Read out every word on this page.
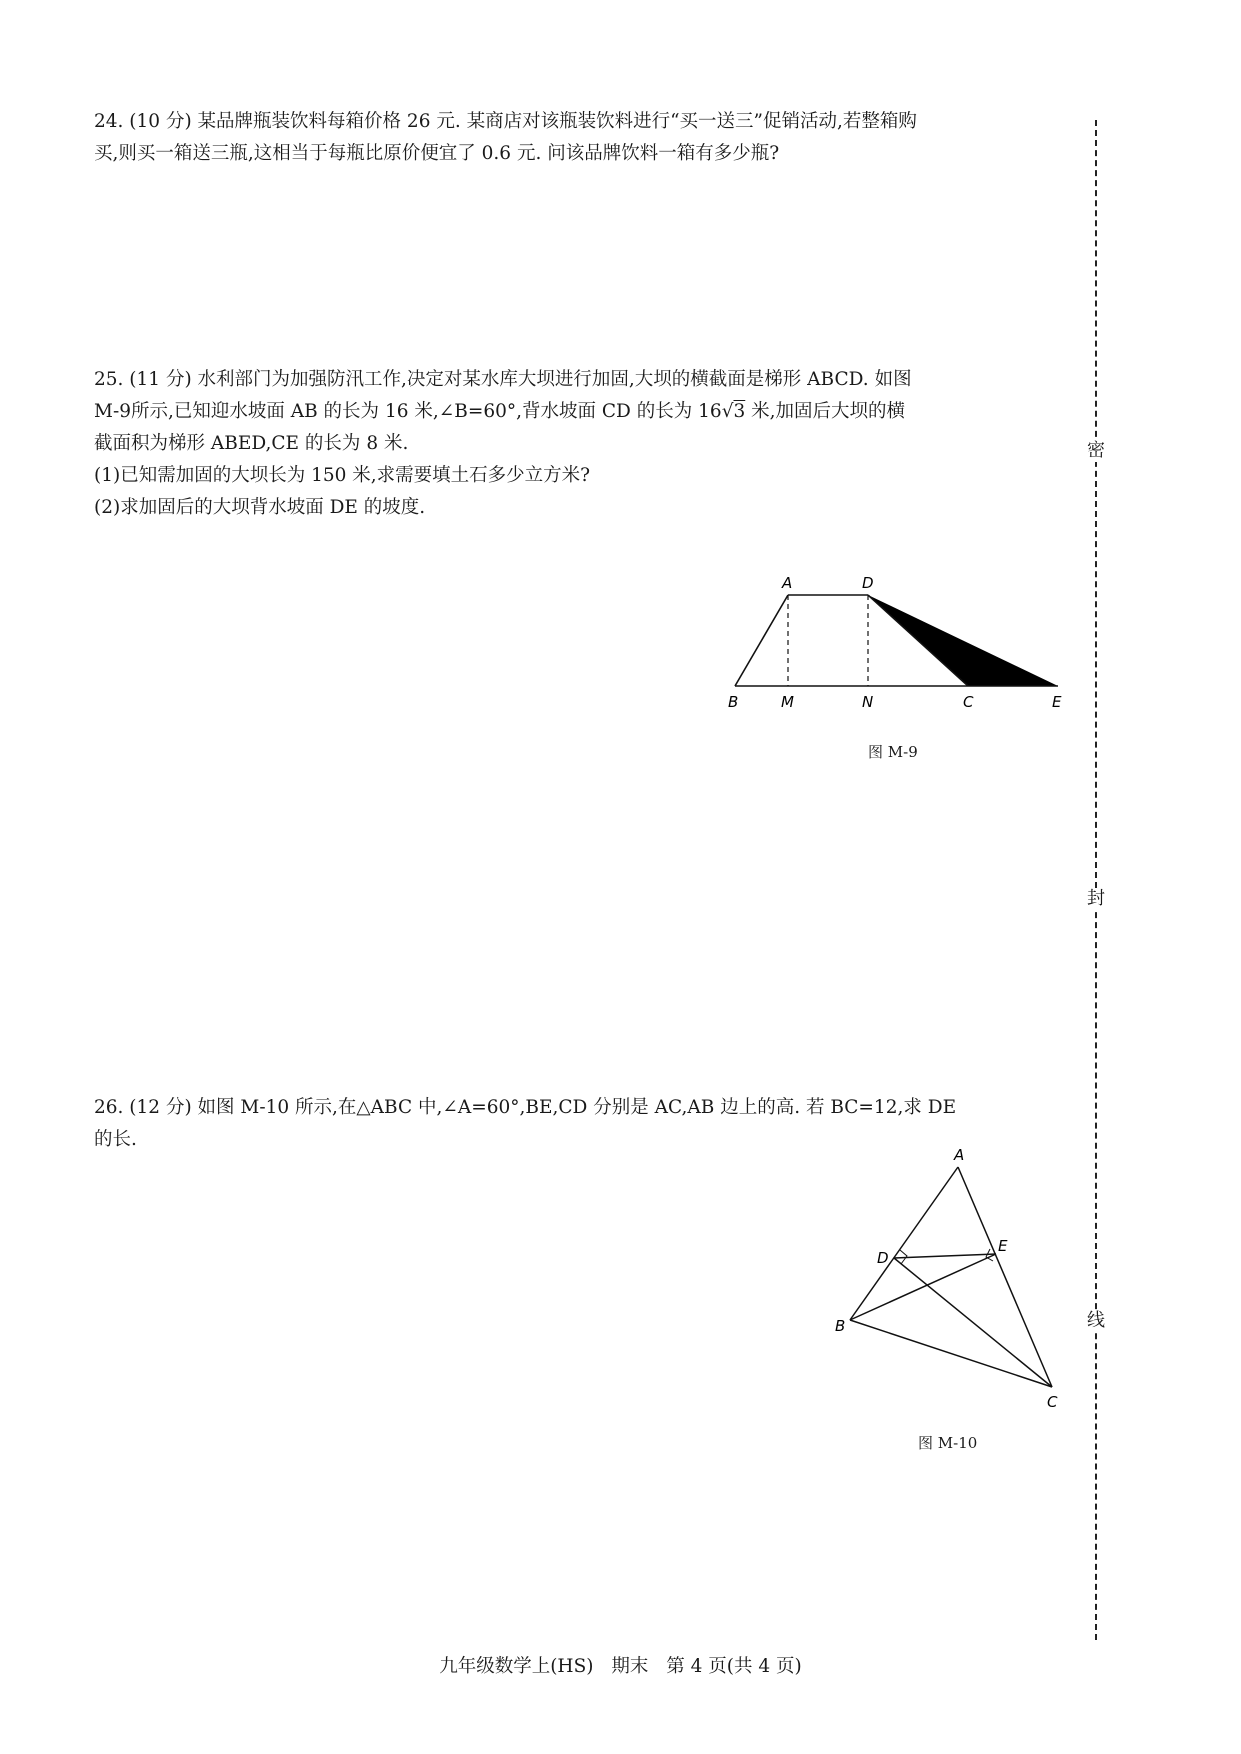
24. (10 分) 某品牌瓶装饮料每箱价格 26 元. 某商店对该瓶装饮料进行“买一送三”促销活动,若整箱购
买,则买一箱送三瓶,这相当于每瓶比原价便宜了 0.6 元. 问该品牌饮料一箱有多少瓶?
25. (11 分) 水利部门为加强防汛工作,决定对某水库大坝进行加固,大坝的横截面是梯形 ABCD. 如图
M-9所示,已知迎水坡面 AB 的长为 16 米,∠B=60°,背水坡面 CD 的长为 16√3 米,加固后大坝的横
截面积为梯形 ABED,CE 的长为 8 米.
(1)已知需加固的大坝长为 150 米,求需要填土石多少立方米?
(2)求加固后的大坝背水坡面 DE 的坡度.
A	D
B	M	N	C	E
图 M-9
26. (12 分) 如图 M-10 所示,在△ABC 中,∠A=60°,BE,CD 分别是 AC,AB 边上的高. 若 BC=12,求 DE
的长.
A
D
E
B
C
图 M-10
密
封
线
九年级数学上(HS) 期末 第 4 页(共 4 页)
